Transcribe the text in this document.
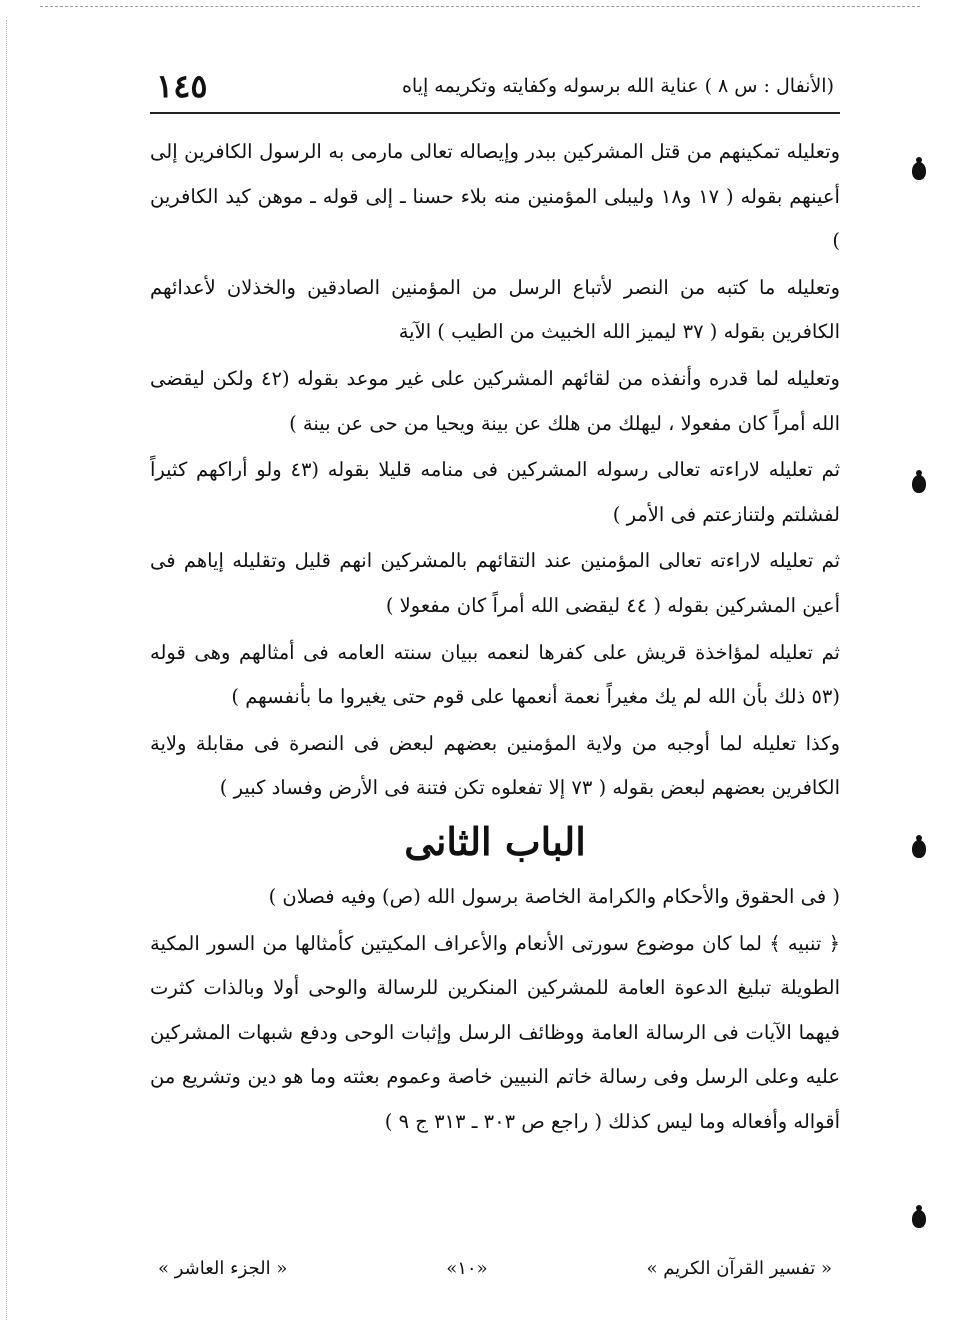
(الأنفال : س ٨ ) عناية الله برسوله وكفايته وتكريمه إياه
١٤٥

وتعليله تمكينهم من قتل المشركين ببدر وإيصاله تعالى مارمى به الرسول الكافرين إلى أعينهم بقوله ( ١٧ و١٨ وليبلى المؤمنين منه بلاء حسنا ـ إلى قوله ـ موهن كيد الكافرين )

وتعليله ما كتبه من النصر لأتباع الرسل من المؤمنين الصادقين والخذلان لأعدائهم الكافرين بقوله ( ٣٧ ليميز الله الخبيث من الطيب ) الآية

وتعليله لما قدره وأنفذه من لقائهم المشركين على غير موعد بقوله (٤٢ ولكن ليقضى الله أمراً كان مفعولا ، ليهلك من هلك عن بينة ويحيا من حى عن بينة )

ثم تعليله لاراءته تعالى رسوله المشركين فى منامه قليلا بقوله (٤٣ ولو أراكهم كثيراً لفشلتم ولتنازعتم فى الأمر )

ثم تعليله لاراءته تعالى المؤمنين عند التقائهم بالمشركين انهم قليل وتقليله إياهم فى أعين المشركين بقوله ( ٤٤ ليقضى الله أمراً كان مفعولا )

ثم تعليله لمؤاخذة قريش على كفرها لنعمه ببيان سنته العامه فى أمثالهم وهى قوله (٥٣ ذلك بأن الله لم يك مغيراً نعمة أنعمها على قوم حتى يغيروا ما بأنفسهم )

وكذا تعليله لما أوجبه من ولاية المؤمنين بعضهم لبعض فى النصرة فى مقابلة ولاية الكافرين بعضهم لبعض بقوله ( ٧٣ إلا تفعلوه تكن فتنة فى الأرض وفساد كبير )

الباب الثانى

( فى الحقوق والأحكام والكرامة الخاصة برسول الله (ص) وفيه فصلان )

﴿ تنبيه ﴾ لما كان موضوع سورتى الأنعام والأعراف المكيتين كأمثالها من السور المكية الطويلة تبليغ الدعوة العامة للمشركين المنكرين للرسالة والوحى أولا وبالذات كثرت فيهما الآيات فى الرسالة العامة ووظائف الرسل وإثبات الوحى ودفع شبهات المشركين عليه وعلى الرسل وفى رسالة خاتم النبيين خاصة وعموم بعثته وما هو دين وتشريع من أقواله وأفعاله وما ليس كذلك ( راجع ص ٣٠٣ ـ ٣١٣ ج ٩ )

« تفسير القرآن الكريم »
«١٠»
« الجزء العاشر »
